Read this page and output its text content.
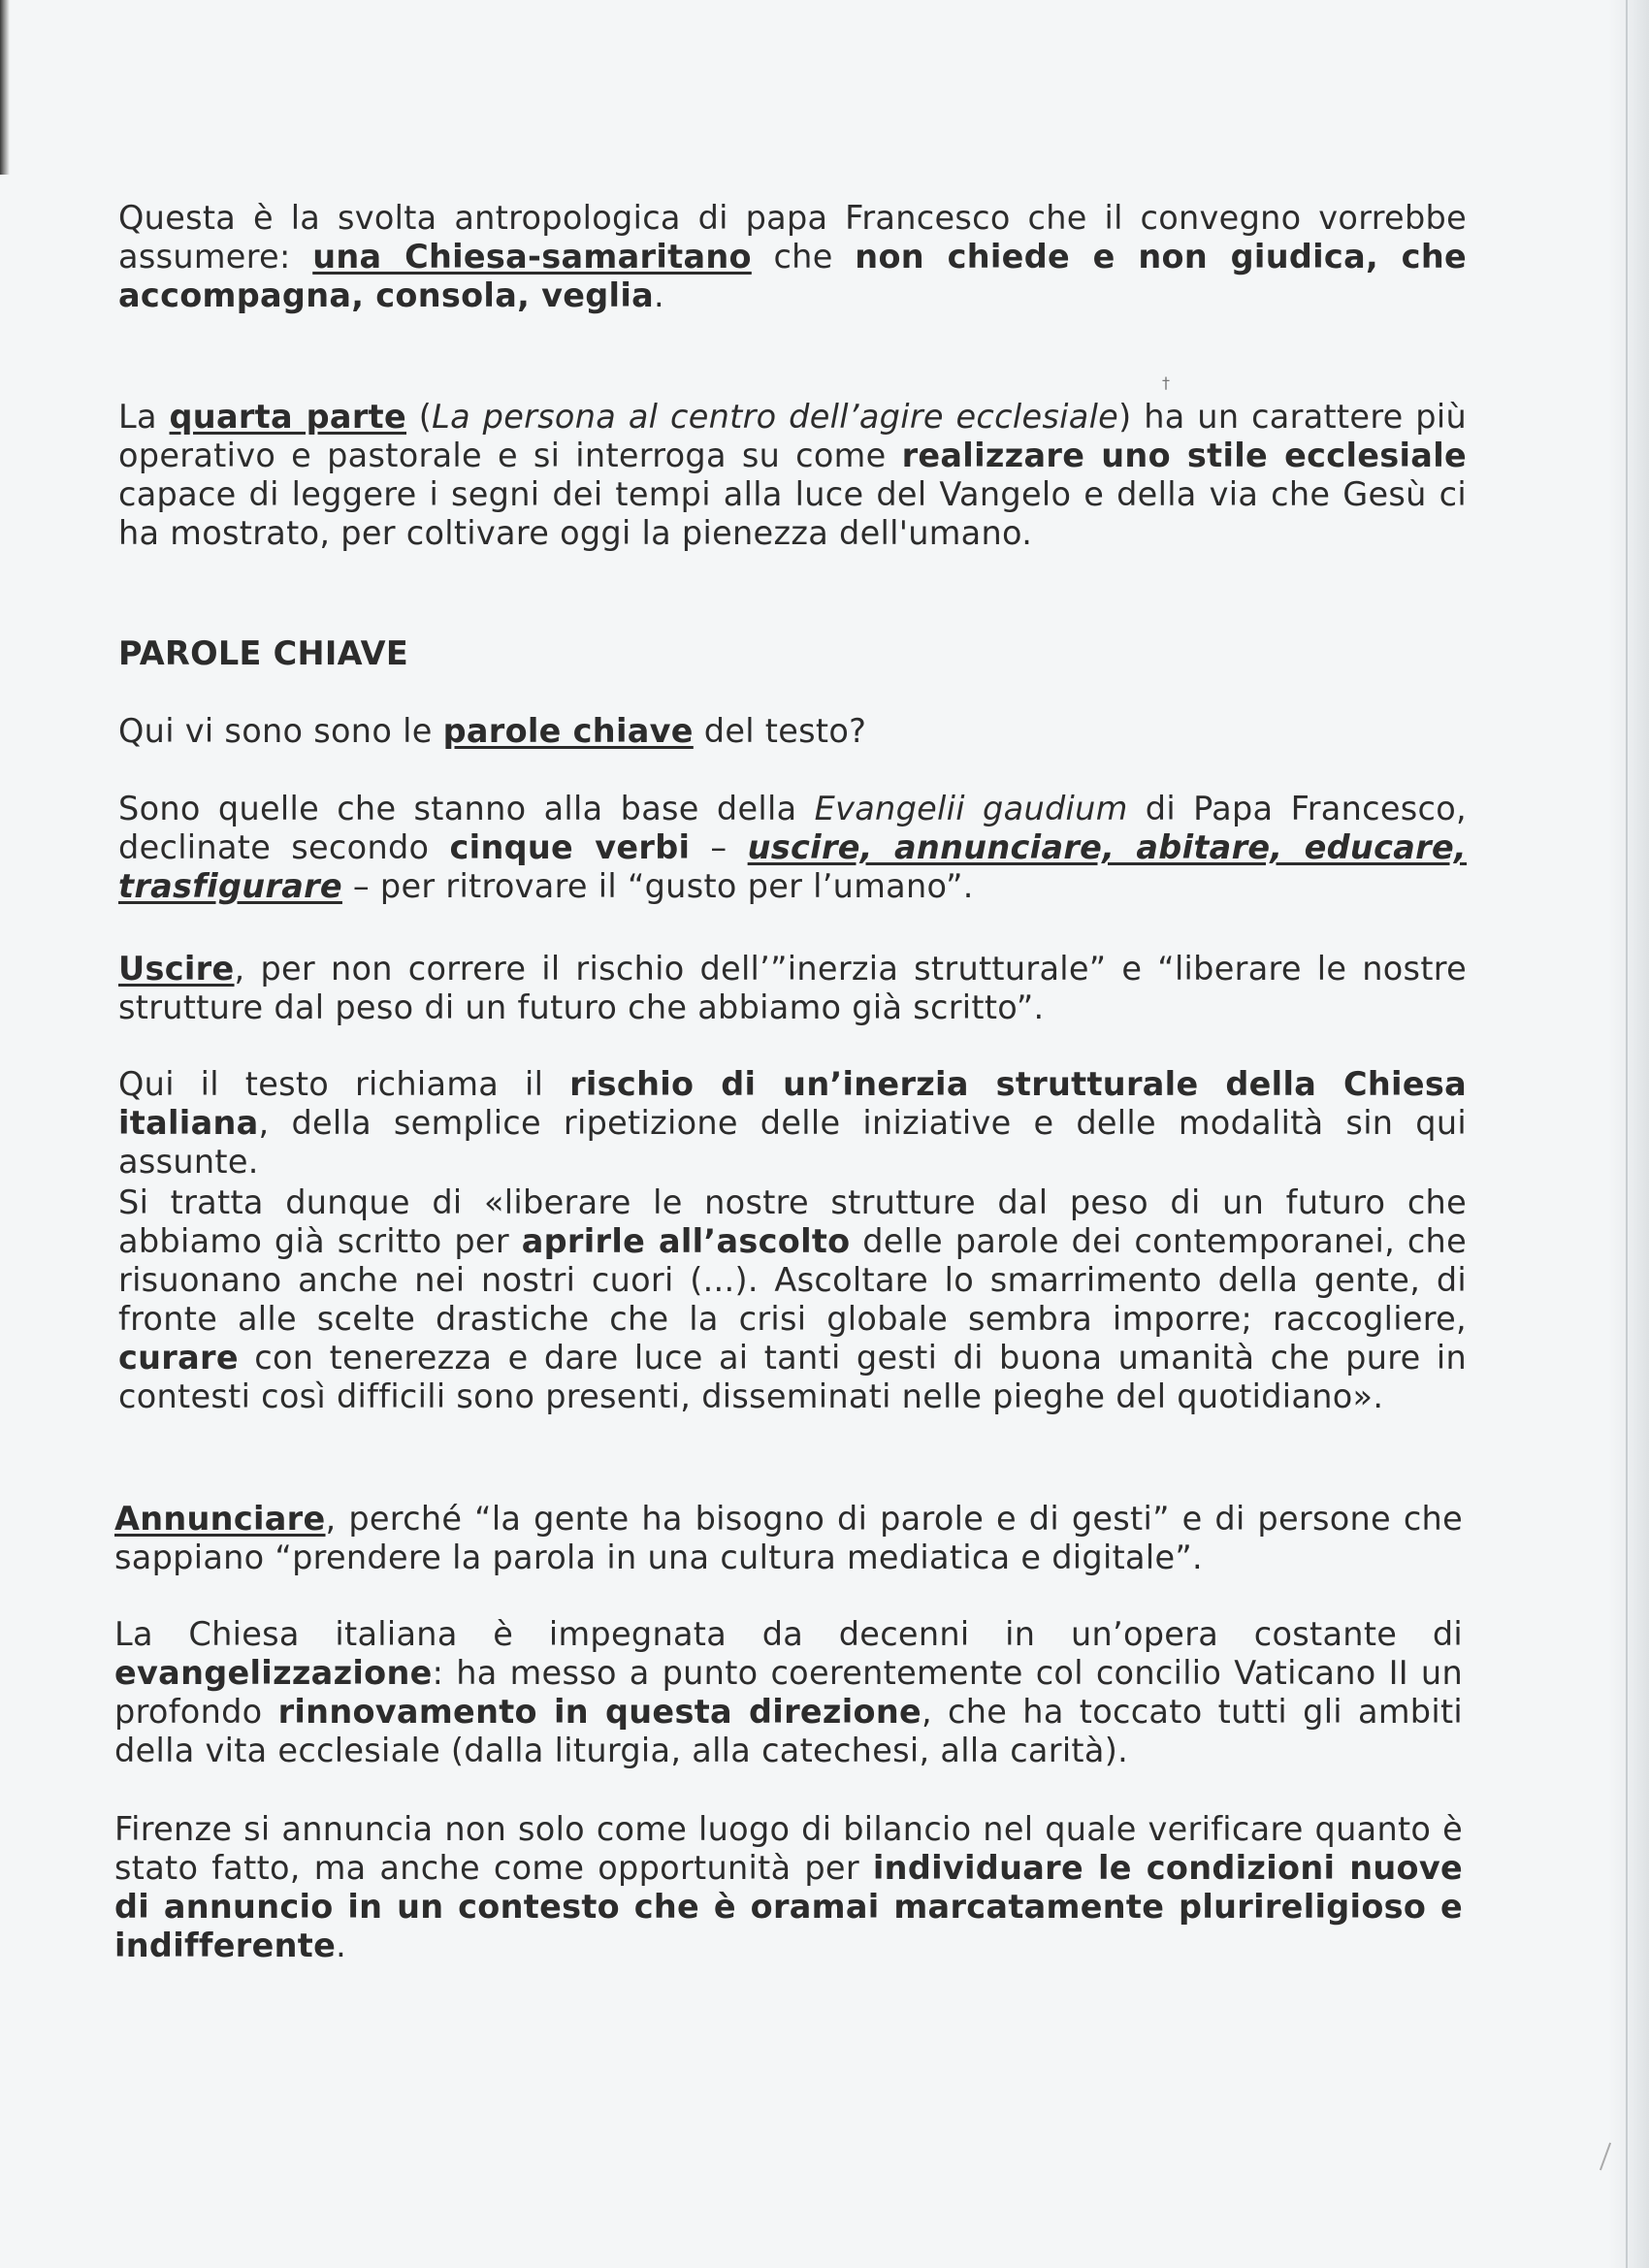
†

Questa è la svolta antropologica di papa Francesco che il convegno vorrebbe assumere: una Chiesa-samaritano che non chiede e non giudica, che accompagna, consola, veglia.

La quarta parte (La persona al centro dell’agire ecclesiale) ha un carattere più operativo e pastorale e si interroga su come realizzare uno stile ecclesiale capace di leggere i segni dei tempi alla luce del Vangelo e della via che Gesù ci ha mostrato, per coltivare oggi la pienezza dell'umano.

PAROLE CHIAVE

Qui vi sono sono le parole chiave del testo?

Sono quelle che stanno alla base della Evangelii gaudium di Papa Francesco, declinate secondo cinque verbi – uscire, annunciare, abitare, educare, trasfigurare – per ritrovare il “gusto per l’umano”.

Uscire, per non correre il rischio dell’”inerzia strutturale” e “liberare le nostre strutture dal peso di un futuro che abbiamo già scritto”.

Qui il testo richiama il rischio di un’inerzia strutturale della Chiesa italiana, della semplice ripetizione delle iniziative e delle modalità sin qui assunte.

Si tratta dunque di «liberare le nostre strutture dal peso di un futuro che abbiamo già scritto per aprirle all’ascolto delle parole dei contemporanei, che risuonano anche nei nostri cuori (...). Ascoltare lo smarrimento della gente, di fronte alle scelte drastiche che la crisi globale sembra imporre; raccogliere, curare con tenerezza e dare luce ai tanti gesti di buona umanità che pure in contesti così difficili sono presenti, disseminati nelle pieghe del quotidiano».

Annunciare, perché “la gente ha bisogno di parole e di gesti” e di persone che sappiano “prendere la parola in una cultura mediatica e digitale”.

La Chiesa italiana è impegnata da decenni in un’opera costante di evangelizzazione: ha messo a punto coerentemente col concilio Vaticano II un profondo rinnovamento in questa direzione, che ha toccato tutti gli ambiti della vita ecclesiale (dalla liturgia, alla catechesi, alla carità).

Firenze si annuncia non solo come luogo di bilancio nel quale verificare quanto è stato fatto, ma anche come opportunità per individuare le condizioni nuove di annuncio in un contesto che è oramai marcatamente plurireligioso e indifferente.
